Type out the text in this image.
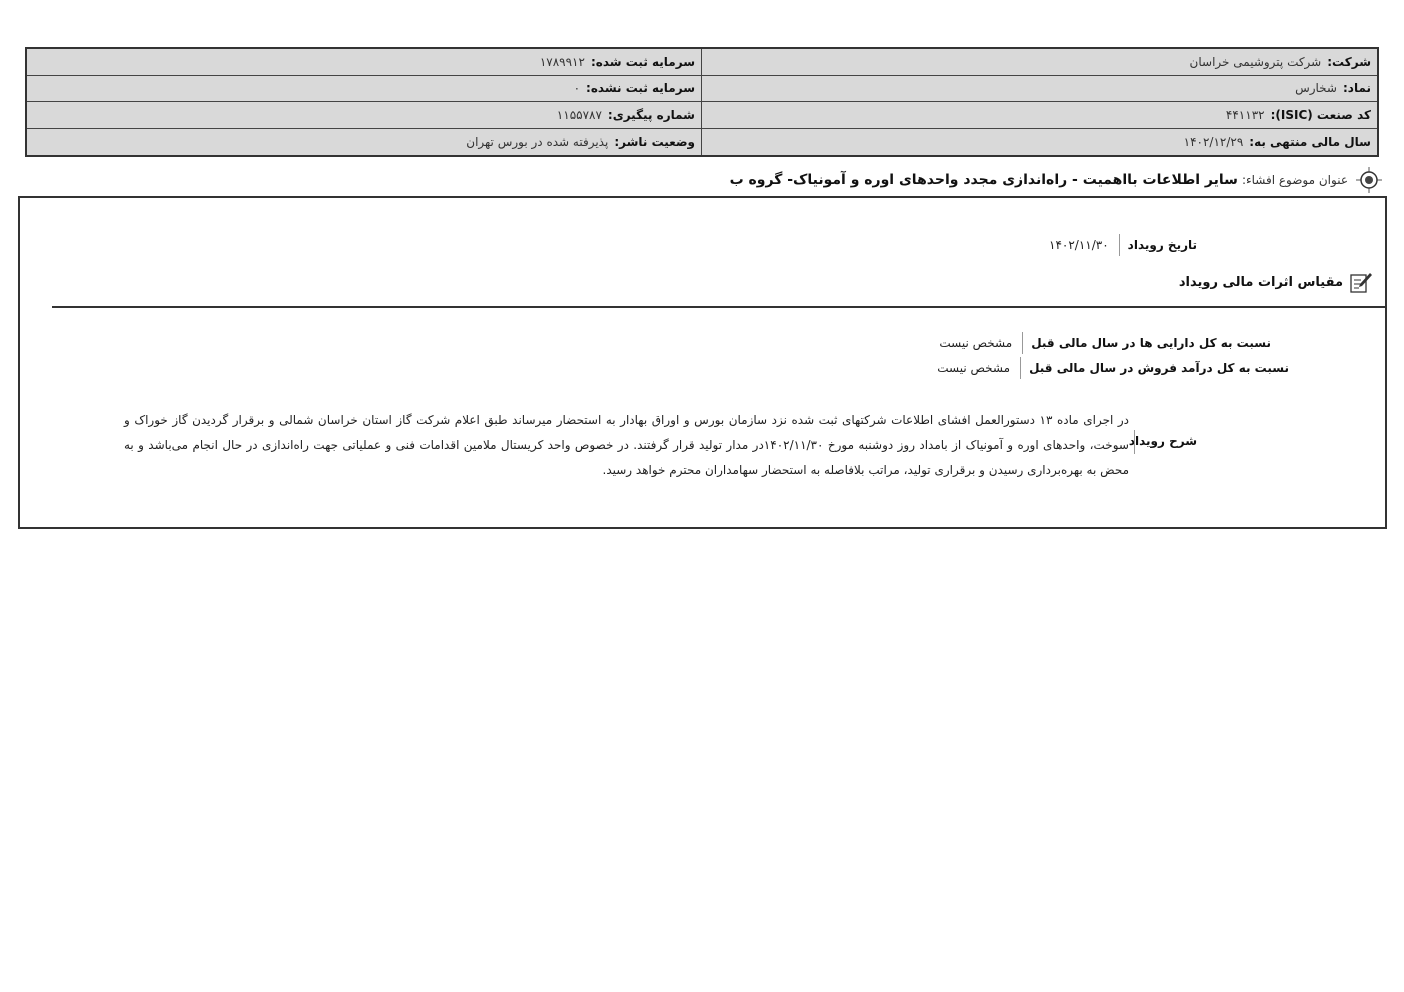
شرکت:
شرکت پتروشیمی خراسان
سرمایه ثبت شده:
۱۷۸۹۹۱۲
نماد:
شخارس
سرمایه ثبت نشده:
۰
کد صنعت (ISIC):
۴۴۱۱۳۲
شماره پیگیری:
۱۱۵۵۷۸۷
سال مالی منتهی به:
۱۴۰۲/۱۲/۲۹
وضعیت ناشر:
پذیرفته شده در بورس تهران
عنوان موضوع افشاء:
سایر اطلاعات بااهمیت - راه‌اندازی مجدد واحدهای اوره و آمونیاک- گروه ب
تاریخ رویداد
۱۴۰۲/۱۱/۳۰
مقیاس اثرات مالی رویداد
نسبت به کل دارایی ها در سال مالی قبل
مشخص نیست
نسبت به کل درآمد فروش در سال مالی قبل
مشخص نیست
شرح رویداد
در اجرای ماده ۱۳ دستورالعمل افشای اطلاعات شرکتهای ثبت شده نزد سازمان بورس و اوراق بهادار به استحضار میرساند طبق اعلام شرکت گاز استان خراسان شمالی و برقرار گردیدن گاز خوراک و سوخت، واحدهای اوره و آمونیاک از بامداد روز دوشنبه مورخ ۱۴۰۲/۱۱/۳۰در مدار تولید قرار گرفتند. در خصوص واحد کریستال ملامین اقدامات فنی و عملیاتی جهت راه‌اندازی در حال انجام می‌باشد و به محض به بهره‌برداری رسیدن و برقراری تولید، مراتب بلافاصله به استحضار سهامداران محترم خواهد رسید.
